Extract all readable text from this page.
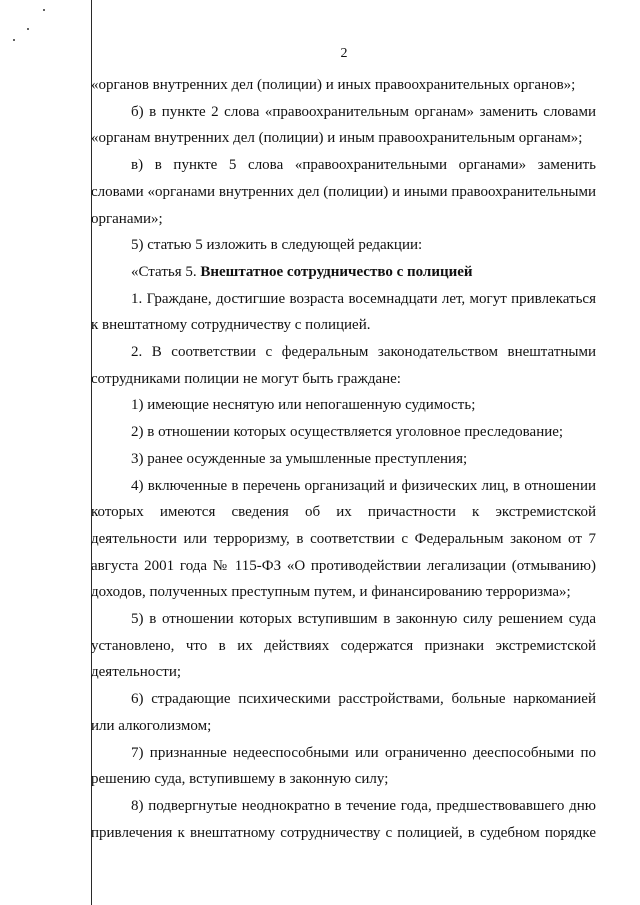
2

«органов внутренних дел (полиции) и иных правоохранительных органов»;

б) в пункте 2 слова «правоохранительным органам» заменить словами «органам внутренних дел (полиции) и иным правоохранительным органам»;

в) в пункте 5 слова «правоохранительными органами» заменить словами «органами внутренних дел (полиции) и иными правоохранительными органами»;

5) статью 5 изложить в следующей редакции:

«Статья 5. Внештатное сотрудничество с полицией

1. Граждане, достигшие возраста восемнадцати лет, могут привлекаться к внештатному сотрудничеству с полицией.

2. В соответствии с федеральным законодательством внештатными сотрудниками полиции не могут быть граждане:

1) имеющие неснятую или непогашенную судимость;

2) в отношении которых осуществляется уголовное преследование;

3) ранее осужденные за умышленные преступления;

4) включенные в перечень организаций и физических лиц, в отношении которых имеются сведения об их причастности к экстремистской деятельности или терроризму, в соответствии с Федеральным законом от 7 августа 2001 года № 115-ФЗ «О противодействии легализации (отмыванию) доходов, полученных преступным путем, и финансированию терроризма»;

5) в отношении которых вступившим в законную силу решением суда установлено, что в их действиях содержатся признаки экстремистской деятельности;

6) страдающие психическими расстройствами, больные наркоманией или алкоголизмом;

7) признанные недееспособными или ограниченно дееспособными по решению суда, вступившему в законную силу;

8) подвергнутые неоднократно в течение года, предшествовавшего дню привлечения к внештатному сотрудничеству с полицией, в судебном порядке
